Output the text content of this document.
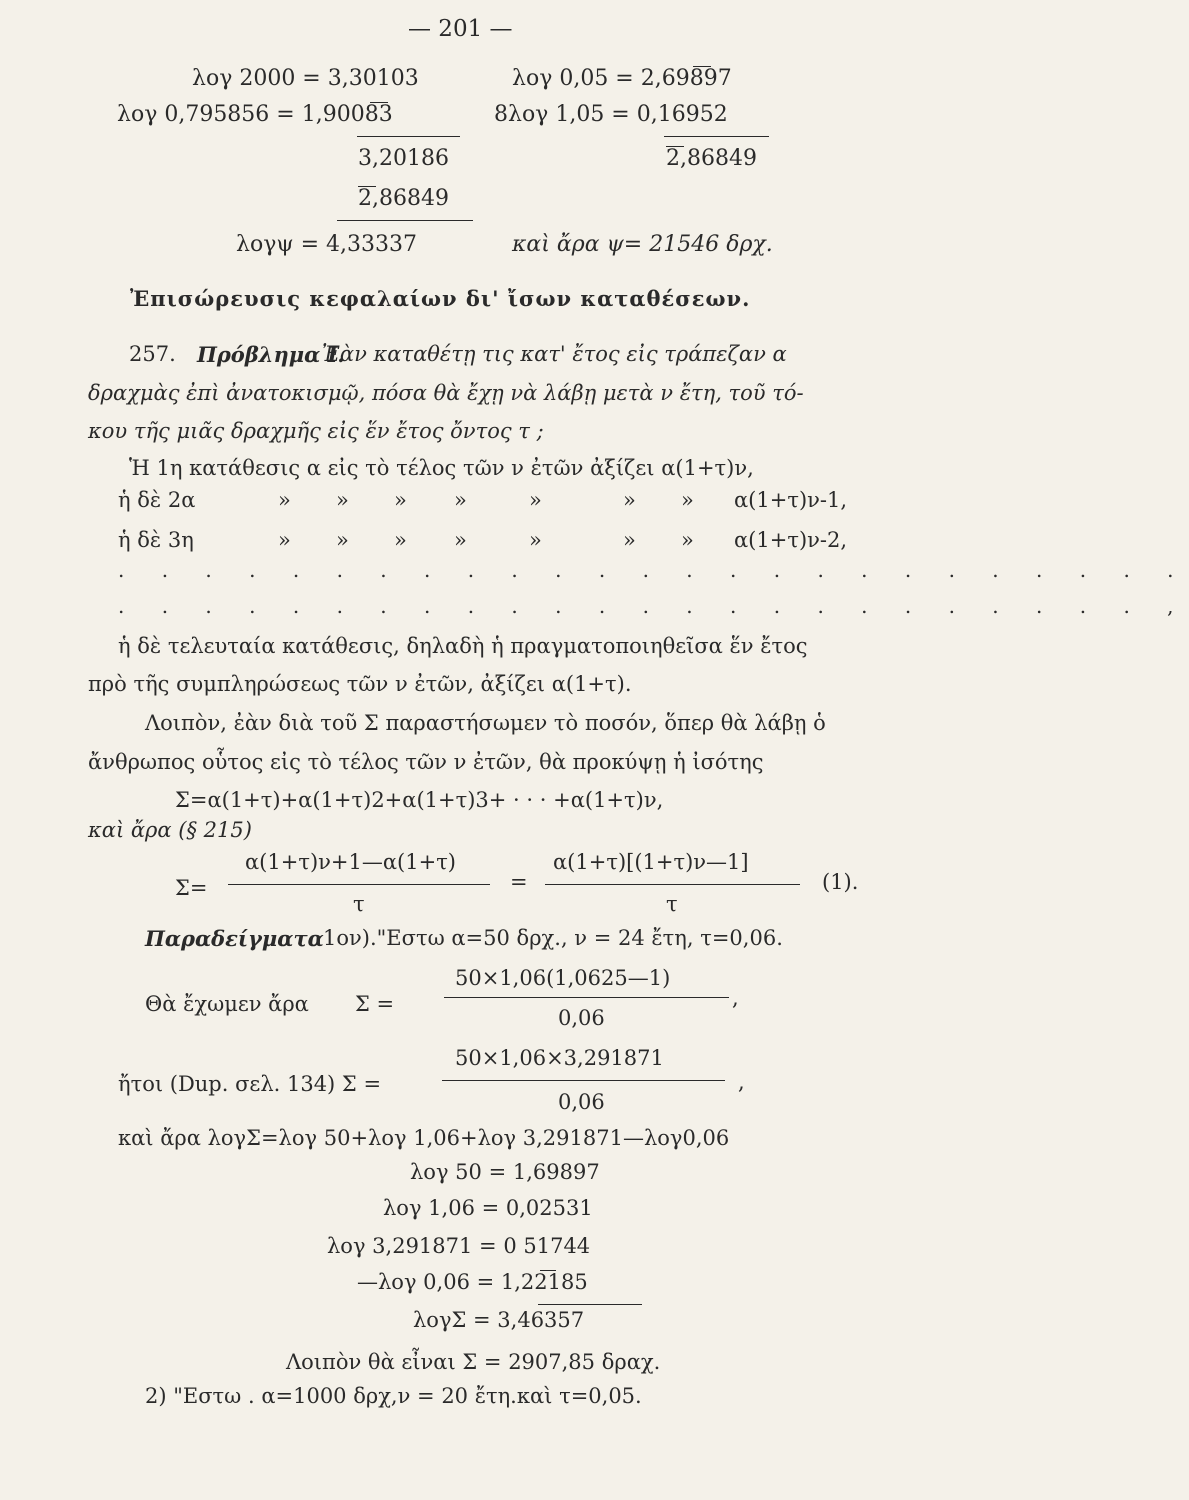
— 201 —
λογ 2000 = 3,30103	λογ 0,05 = 2,69897
λογ 0,795856 = 1,90083	8λογ 1,05 = 0,16952
3,20186	2,86849
2,86849
λογψ = 4,33337	καὶ ἄρα ψ= 21546 δρχ.
Ἐπισώρευσις κεφαλαίων δι' ἴσων καταθέσεων.
257. Πρόβλημα Ι.
Ἐὰν καταθέτῃ τις κατ' ἔτος εἰς τράπεζαν α
δραχμὰς ἐπὶ ἀνατοκισμῷ, πόσα θὰ ἔχῃ νὰ λάβῃ μετὰ ν ἔτη, τοῦ τό-
κου τῆς μιᾶς δραχμῆς εἰς ἕν ἔτος ὄντος τ ;
Ἡ 1η κατάθεσις α εἰς τὸ τέλος τῶν ν ἐτῶν ἀξίζει α(1+τ)ν,
ἡ δὲ 2α	» » » »	»	» » α(1+τ)ν-1,
ἡ δὲ 3η	» » » »	»	» » α(1+τ)ν-2,
. . . . . . . . . . . . . . . . . . . . . . . . .
. . . . . . . . . . . . . . . . . . . . . . . . ,
ἡ δὲ τελευταία κατάθεσις, δηλαδὴ ἡ πραγματοποιηθεῖσα ἕν ἔτος
πρὸ τῆς συμπληρώσεως τῶν ν ἐτῶν, ἀξίζει α(1+τ).
Λοιπὸν, ἐὰν διὰ τοῦ Σ παραστήσωμεν τὸ ποσόν, ὅπερ θὰ λάβῃ ὁ
ἄνθρωπος οὗτος εἰς τὸ τέλος τῶν ν ἐτῶν, θὰ προκύψῃ ἡ ἰσότης
Σ=α(1+τ)+α(1+τ)2+α(1+τ)3+ · · · +α(1+τ)ν,
καὶ ἄρα (§ 215)
α(1+τ)ν+1—α(1+τ)
Σ=
τ
=
α(1+τ)[(1+τ)ν—1]
τ
(1).
Παραδείγματα 1ον)."Εστω α=50 δρχ., ν = 24 ἔτη, τ=0,06.
50×1,06(1,0625—1)
Θὰ ἔχωμεν ἄρα Σ =	,
0,06
50×1,06×3,291871
ἤτοι (Dup. σελ. 134) Σ =	,
0,06
καὶ ἄρα λογΣ=λογ 50+λογ 1,06+λογ 3,291871—λογ0,06
λογ 50 = 1,69897
λογ 1,06 = 0,02531
λογ 3,291871 = 0 51744
—λογ 0,06 = 1,22185
λογΣ = 3,46357
Λοιπὸν θὰ εἶναι Σ = 2907,85 δραχ.
2) "Εστω . α=1000 δρχ,ν = 20 ἔτη.καὶ τ=0,05.
